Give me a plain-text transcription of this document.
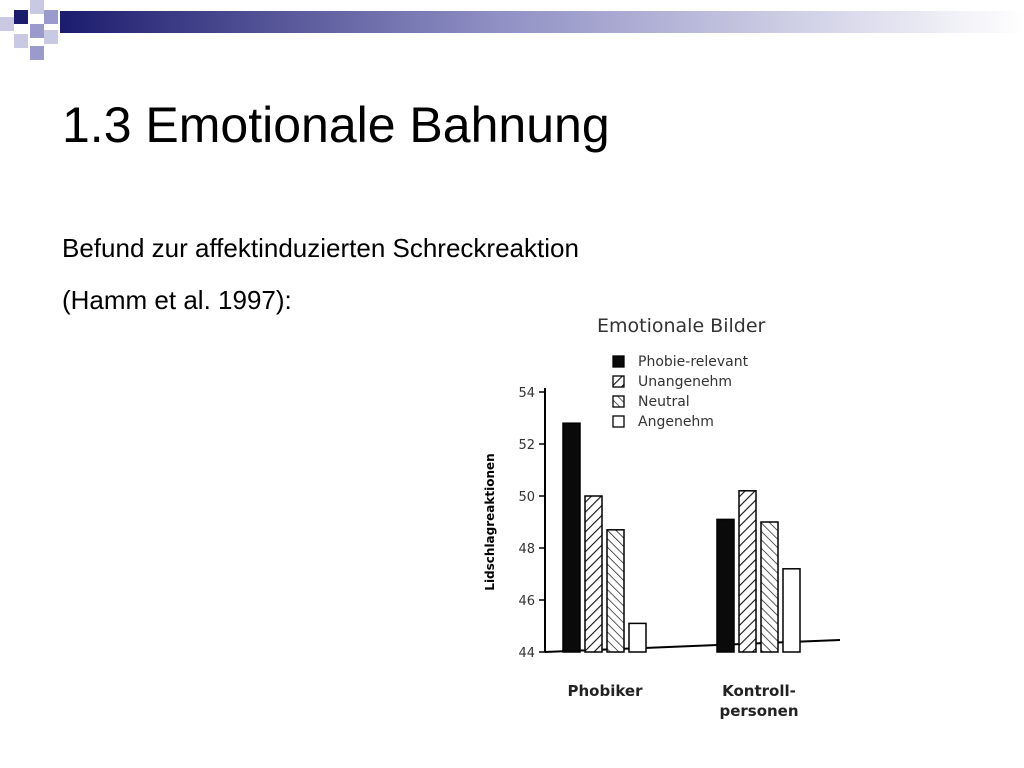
1.3 Emotionale Bahnung
Befund zur affektinduzierten Schreckreaktion
(Hamm et al. 1997):
Emotionale Bilder
Phobie-relevant
Unangenehm
Neutral
Angenehm
44
46
48
50
52
54
Phobiker	Kontroll-
personen
Lidschlagreaktionen
